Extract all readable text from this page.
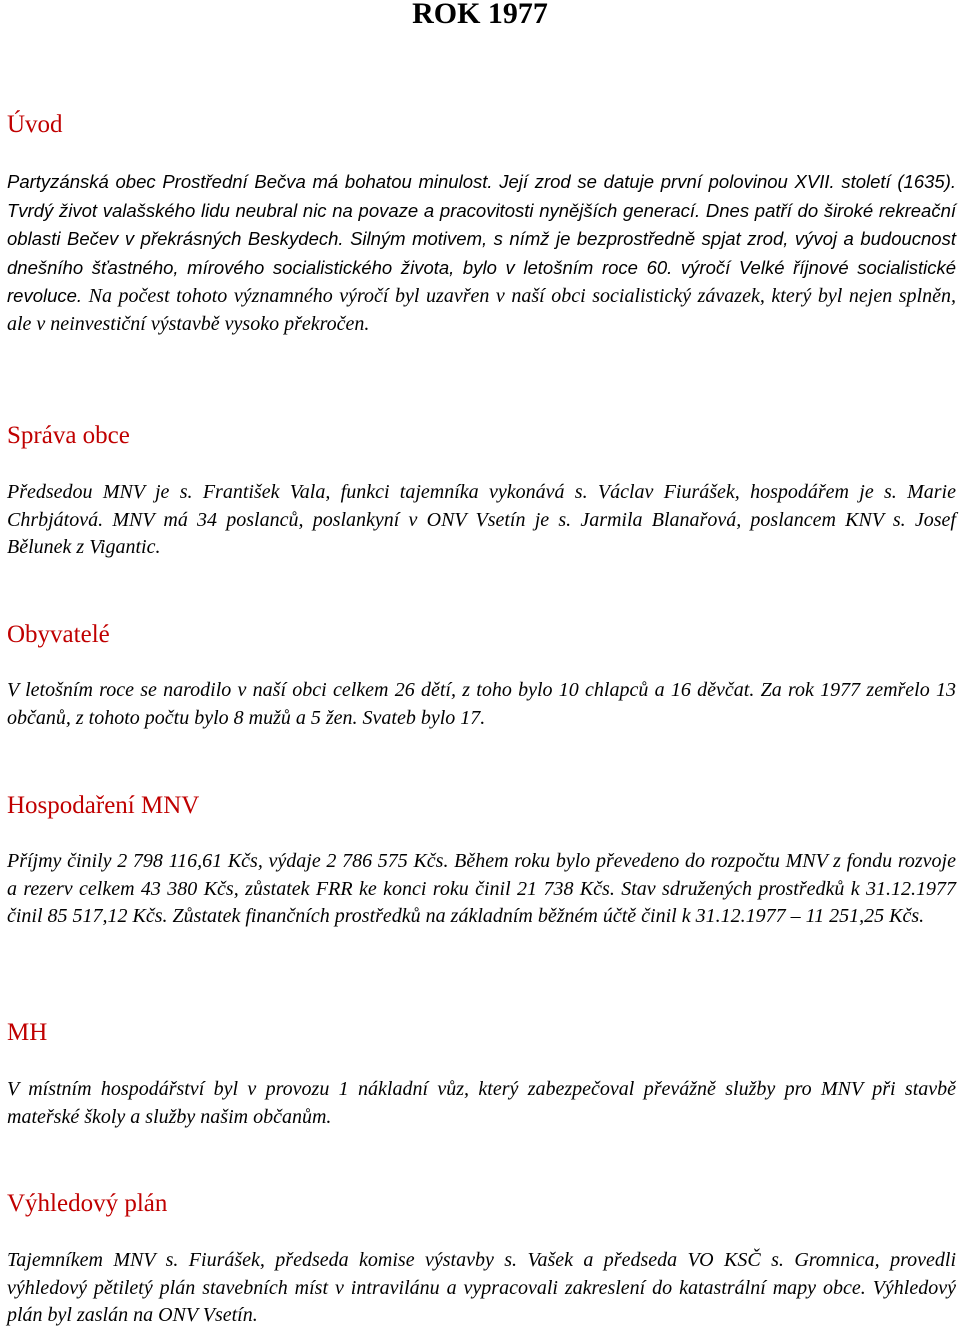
ROK 1977
Úvod

Partyzánská obec Prostřední Bečva má bohatou minulost. Její zrod se datuje první polovinou XVII. století (1635). Tvrdý život valašského lidu neubral nic na povaze a pracovitosti nynějších generací. Dnes patří do široké rekreační oblasti Bečev v překrásných Beskydech. Silným motivem, s nímž je bezprostředně spjat zrod, vývoj a budoucnost dnešního šťastného, mírového socialistického života, bylo v letošním roce 60. výročí Velké říjnové socialistické revoluce. Na počest tohoto významného výročí byl uzavřen v naší obci socialistický závazek, který byl nejen splněn, ale v neinvestiční výstavbě vysoko překročen.

Správa obce

Předsedou MNV je s. František Vala, funkci tajemníka vykonává s. Václav Fiurášek, hospodářem je s. Marie Chrbjátová. MNV má 34 poslanců, poslankyní v ONV Vsetín je s. Jarmila Blanařová, poslancem KNV s. Josef Bělunek z Vigantic.

Obyvatelé

V letošním roce se narodilo v naší obci celkem 26 dětí, z toho bylo 10 chlapců a 16 děvčat. Za rok 1977 zemřelo 13 občanů, z tohoto počtu bylo 8 mužů a 5 žen. Svateb bylo 17.

Hospodaření MNV

Příjmy činily 2 798 116,61 Kčs, výdaje 2 786 575 Kčs. Během roku bylo převedeno do rozpočtu MNV z fondu rozvoje a rezerv celkem 43 380 Kčs, zůstatek FRR ke konci roku činil 21 738 Kčs. Stav sdružených prostředků k 31.12.1977 činil 85 517,12 Kčs. Zůstatek finančních prostředků na základním běžném účtě činil k 31.12.1977 – 11 251,25 Kčs.

MH

V místním hospodářství byl v provozu 1 nákladní vůz, který zabezpečoval převážně služby pro MNV při stavbě mateřské školy a služby našim občanům.

Výhledový plán

Tajemníkem MNV s. Fiurášek, předseda komise výstavby s. Vašek a předseda VO KSČ s. Gromnica, provedli výhledový pětiletý plán stavebních míst v intravilánu a vypracovali zakreslení do katastrální mapy obce. Výhledový plán byl zaslán na ONV Vsetín.
